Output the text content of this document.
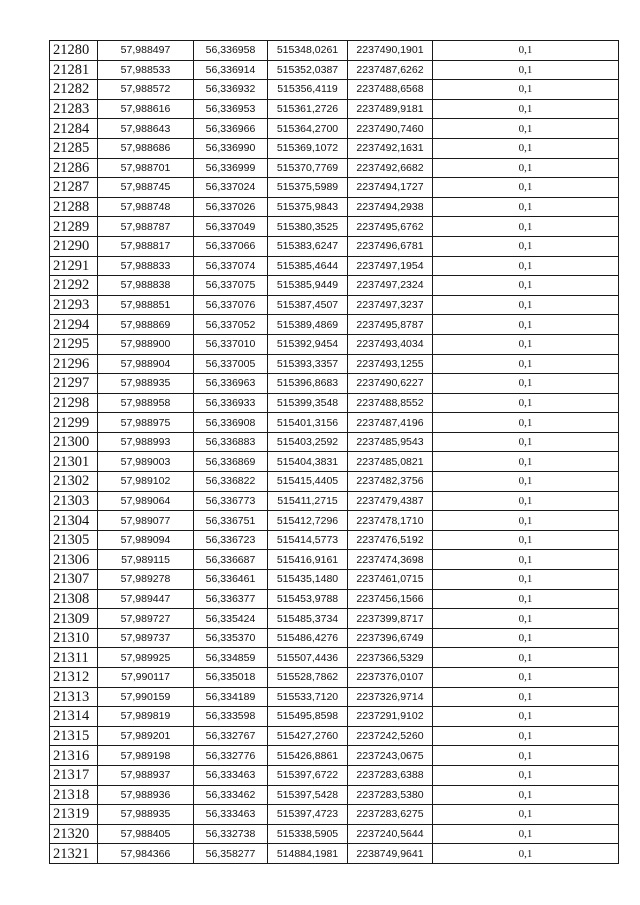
21280	57,988497	56,336958	515348,0261	2237490,1901	0,1
21281	57,988533	56,336914	515352,0387	2237487,6262	0,1
21282	57,988572	56,336932	515356,4119	2237488,6568	0,1
21283	57,988616	56,336953	515361,2726	2237489,9181	0,1
21284	57,988643	56,336966	515364,2700	2237490,7460	0,1
21285	57,988686	56,336990	515369,1072	2237492,1631	0,1
21286	57,988701	56,336999	515370,7769	2237492,6682	0,1
21287	57,988745	56,337024	515375,5989	2237494,1727	0,1
21288	57,988748	56,337026	515375,9843	2237494,2938	0,1
21289	57,988787	56,337049	515380,3525	2237495,6762	0,1
21290	57,988817	56,337066	515383,6247	2237496,6781	0,1
21291	57,988833	56,337074	515385,4644	2237497,1954	0,1
21292	57,988838	56,337075	515385,9449	2237497,2324	0,1
21293	57,988851	56,337076	515387,4507	2237497,3237	0,1
21294	57,988869	56,337052	515389,4869	2237495,8787	0,1
21295	57,988900	56,337010	515392,9454	2237493,4034	0,1
21296	57,988904	56,337005	515393,3357	2237493,1255	0,1
21297	57,988935	56,336963	515396,8683	2237490,6227	0,1
21298	57,988958	56,336933	515399,3548	2237488,8552	0,1
21299	57,988975	56,336908	515401,3156	2237487,4196	0,1
21300	57,988993	56,336883	515403,2592	2237485,9543	0,1
21301	57,989003	56,336869	515404,3831	2237485,0821	0,1
21302	57,989102	56,336822	515415,4405	2237482,3756	0,1
21303	57,989064	56,336773	515411,2715	2237479,4387	0,1
21304	57,989077	56,336751	515412,7296	2237478,1710	0,1
21305	57,989094	56,336723	515414,5773	2237476,5192	0,1
21306	57,989115	56,336687	515416,9161	2237474,3698	0,1
21307	57,989278	56,336461	515435,1480	2237461,0715	0,1
21308	57,989447	56,336377	515453,9788	2237456,1566	0,1
21309	57,989727	56,335424	515485,3734	2237399,8717	0,1
21310	57,989737	56,335370	515486,4276	2237396,6749	0,1
21311	57,989925	56,334859	515507,4436	2237366,5329	0,1
21312	57,990117	56,335018	515528,7862	2237376,0107	0,1
21313	57,990159	56,334189	515533,7120	2237326,9714	0,1
21314	57,989819	56,333598	515495,8598	2237291,9102	0,1
21315	57,989201	56,332767	515427,2760	2237242,5260	0,1
21316	57,989198	56,332776	515426,8861	2237243,0675	0,1
21317	57,988937	56,333463	515397,6722	2237283,6388	0,1
21318	57,988936	56,333462	515397,5428	2237283,5380	0,1
21319	57,988935	56,333463	515397,4723	2237283,6275	0,1
21320	57,988405	56,332738	515338,5905	2237240,5644	0,1
21321	57,984366	56,358277	514884,1981	2238749,9641	0,1
